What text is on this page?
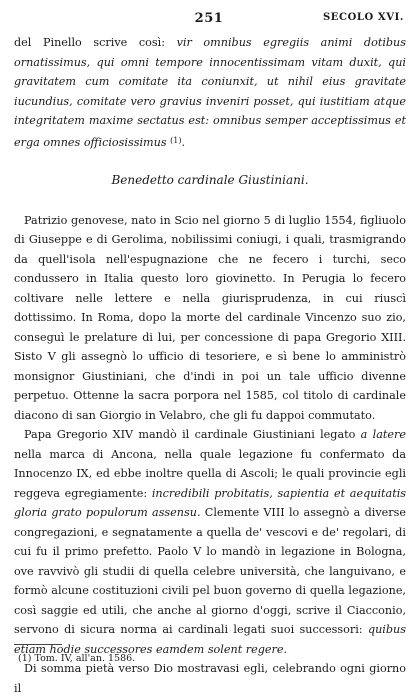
251	SECOLO XVI.

del Pinello scrive così: vir omnibus egregiis animi dotibus ornatissimus, qui omni tempore innocentissimam vitam duxit, qui gravitatem cum comitate ita coniunxit, ut nihil eius gravitate iucundius, comitate vero gravius inveniri posset, qui iustitiam atque integritatem maxime sectatus est: omnibus semper acceptissimus et erga omnes officiosissimus $^{(1)}$.

Benedetto cardinale Giustiniani.

Patrizio genovese, nato in Scio nel giorno 5 di luglio 1554, figliuolo di Giuseppe e di Gerolima, nobilissimi coniugi, i quali, trasmigrando da quell'isola nell'espugnazione che ne fecero i turchi, seco condussero in Italia questo loro giovinetto. In Perugia lo fecero coltivare nelle lettere e nella giurisprudenza, in cui riuscì dottissimo. In Roma, dopo la morte del cardinale Vincenzo suo zio, conseguì le prelature di lui, per concessione di papa Gregorio XIII. Sisto V gli assegnò lo ufficio di tesoriere, e sì bene lo amministrò monsignor Giustiniani, che d'indi in poi un tale ufficio divenne perpetuo. Ottenne la sacra porpora nel 1585, col titolo di cardinale diacono di san Giorgio in Velabro, che gli fu dappoi commutato.

Papa Gregorio XIV mandò il cardinale Giustiniani legato a latere nella marca di Ancona, nella quale legazione fu confermato da Innocenzo IX, ed ebbe inoltre quella di Ascoli; le quali provincie egli reggeva egregiamente: incredibili probitatis, sapientia et aequitatis gloria grato populorum assensu. Clemente VIII lo assegnò a diverse congregazioni, e segnatamente a quella de' vescovi e de' regolari, di cui fu il primo prefetto. Paolo V lo mandò in legazione in Bologna, ove ravvivò gli studii di quella celebre università, che languivano, e formò alcune costituzioni civili pel buon governo di quella legazione, così saggie ed utili, che anche al giorno d'oggi, scrive il Ciacconio, servono di sicura norma ai cardinali legati suoi successori: quibus etiam hodie successores eamdem solent regere.

Di somma pietà verso Dio mostravasi egli, celebrando ogni giorno il

(1) Tom. IV, all'an. 1586.
